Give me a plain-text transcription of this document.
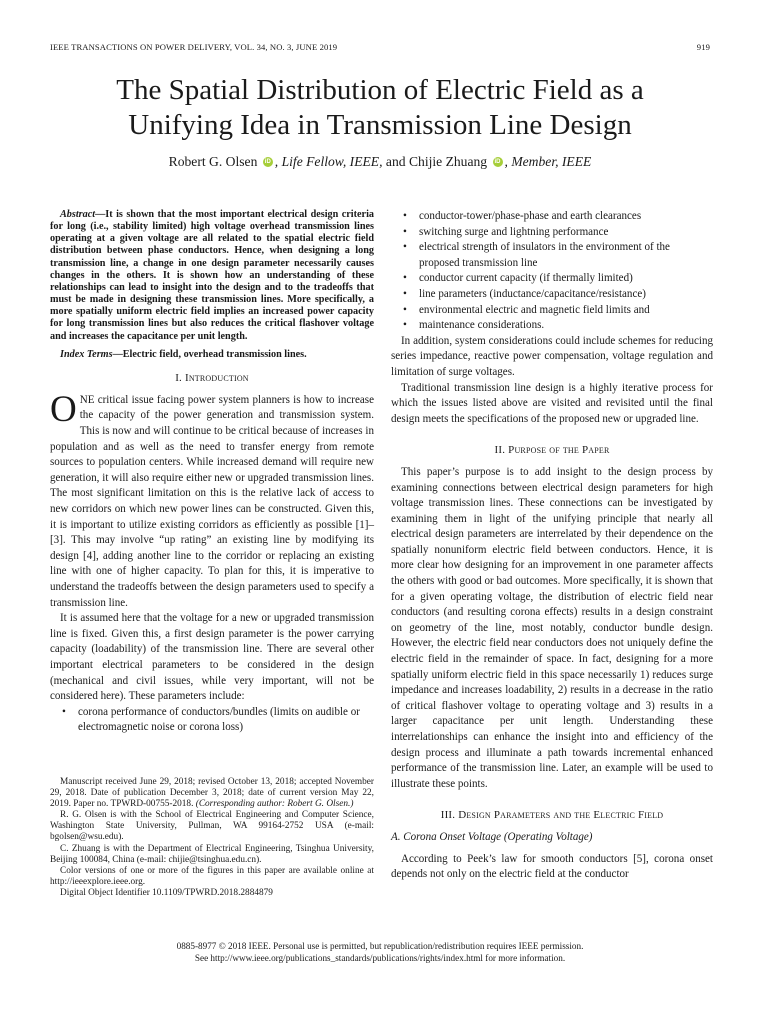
IEEE TRANSACTIONS ON POWER DELIVERY, VOL. 34, NO. 3, JUNE 2019	919
The Spatial Distribution of Electric Field as a
Unifying Idea in Transmission Line Design
Robert G. Olsen iD , Life Fellow, IEEE, and Chijie Zhuang iD , Member, IEEE

Abstract—It is shown that the most important electrical design criteria for long (i.e., stability limited) high voltage overhead transmission lines operating at a given voltage are all related to the spatial electric field distribution between phase conductors. Hence, when designing a long transmission line, a change in one design parameter necessarily causes changes in the others. It is shown how an understanding of these relationships can lead to insight into the design and to the tradeoffs that must be made in designing these transmission lines. More specifically, a more spatially uniform electric field implies an increased power capacity for long transmission lines but also reduces the critical flashover voltage and increases the capacitance per unit length.

Index Terms—Electric field, overhead transmission lines.

I. Introduction

ONE critical issue facing power system planners is how to increase the capacity of the power generation and transmission system. This is now and will continue to be critical because of increases in population and as well as the need to transfer energy from remote sources to population centers. While increased demand will require new generation, it will also require either new or upgraded transmission lines. The most significant limitation on this is the relative lack of access to new corridors on which new power lines can be constructed. Given this, it is important to utilize existing corridors as efficiently as possible [1]–[3]. This may involve “up rating” an existing line by modifying its design [4], adding another line to the corridor or replacing an existing line with one of higher capacity. To plan for this, it is imperative to understand the tradeoffs between the design parameters used to specify a transmission line.

It is assumed here that the voltage for a new or upgraded transmission line is fixed. Given this, a first design parameter is the power carrying capacity (loadability) of the transmission line. There are several other important electrical parameters to be considered in the design (mechanical and civil issues, while very important, will not be considered here). These parameters include:

• corona performance of conductors/bundles (limits on audible or electromagnetic noise or corona loss)

Manuscript received June 29, 2018; revised October 13, 2018; accepted November 29, 2018. Date of publication December 3, 2018; date of current version May 22, 2019. Paper no. TPWRD-00755-2018. (Corresponding author: Robert G. Olsen.)

R. G. Olsen is with the School of Electrical Engineering and Computer Science, Washington State University, Pullman, WA 99164-2752 USA (e-mail: bgolsen@wsu.edu).

C. Zhuang is with the Department of Electrical Engineering, Tsinghua University, Beijing 100084, China (e-mail: chijie@tsinghua.edu.cn).

Color versions of one or more of the figures in this paper are available online at http://ieeexplore.ieee.org.

Digital Object Identifier 10.1109/TPWRD.2018.2884879

• conductor-tower/phase-phase and earth clearances
• switching surge and lightning performance
• electrical strength of insulators in the environment of the proposed transmission line
• conductor current capacity (if thermally limited)
• line parameters (inductance/capacitance/resistance)
• environmental electric and magnetic field limits and
• maintenance considerations.

In addition, system considerations could include schemes for reducing series impedance, reactive power compensation, voltage regulation and limitation of surge voltages.

Traditional transmission line design is a highly iterative process for which the issues listed above are visited and revisited until the final design meets the specifications of the proposed new or upgraded line.

II. Purpose of the Paper

This paper’s purpose is to add insight to the design process by examining connections between electrical design parameters for high voltage transmission lines. These connections can be investigated by examining them in light of the unifying principle that nearly all electrical design parameters are interrelated by their dependence on the spatially nonuniform electric field between conductors. Hence, it is more clear how designing for an improvement in one parameter affects the others with good or bad outcomes. More specifically, it is shown that for a given operating voltage, the distribution of electric field near conductors (and resulting corona effects) results in a design constraint on geometry of the line, most notably, conductor bundle design. However, the electric field near conductors does not uniquely define the electric field in the remainder of space. In fact, designing for a more spatially uniform electric field in this space necessarily 1) reduces surge impedance and increases loadability, 2) results in a decrease in the ratio of critical flashover voltage to operating voltage and 3) results in a larger capacitance per unit length. Understanding these interrelationships can enhance the insight into and efficiency of the design process and illuminate a path towards incremental enhanced performance of the transmission line. Later, an example will be used to illustrate these points.

III. Design Parameters and the Electric Field

A. Corona Onset Voltage (Operating Voltage)

According to Peek’s law for smooth conductors [5], corona onset depends not only on the electric field at the conductor

0885-8977 © 2018 IEEE. Personal use is permitted, but republication/redistribution requires IEEE permission.
See http://www.ieee.org/publications_standards/publications/rights/index.html for more information.
